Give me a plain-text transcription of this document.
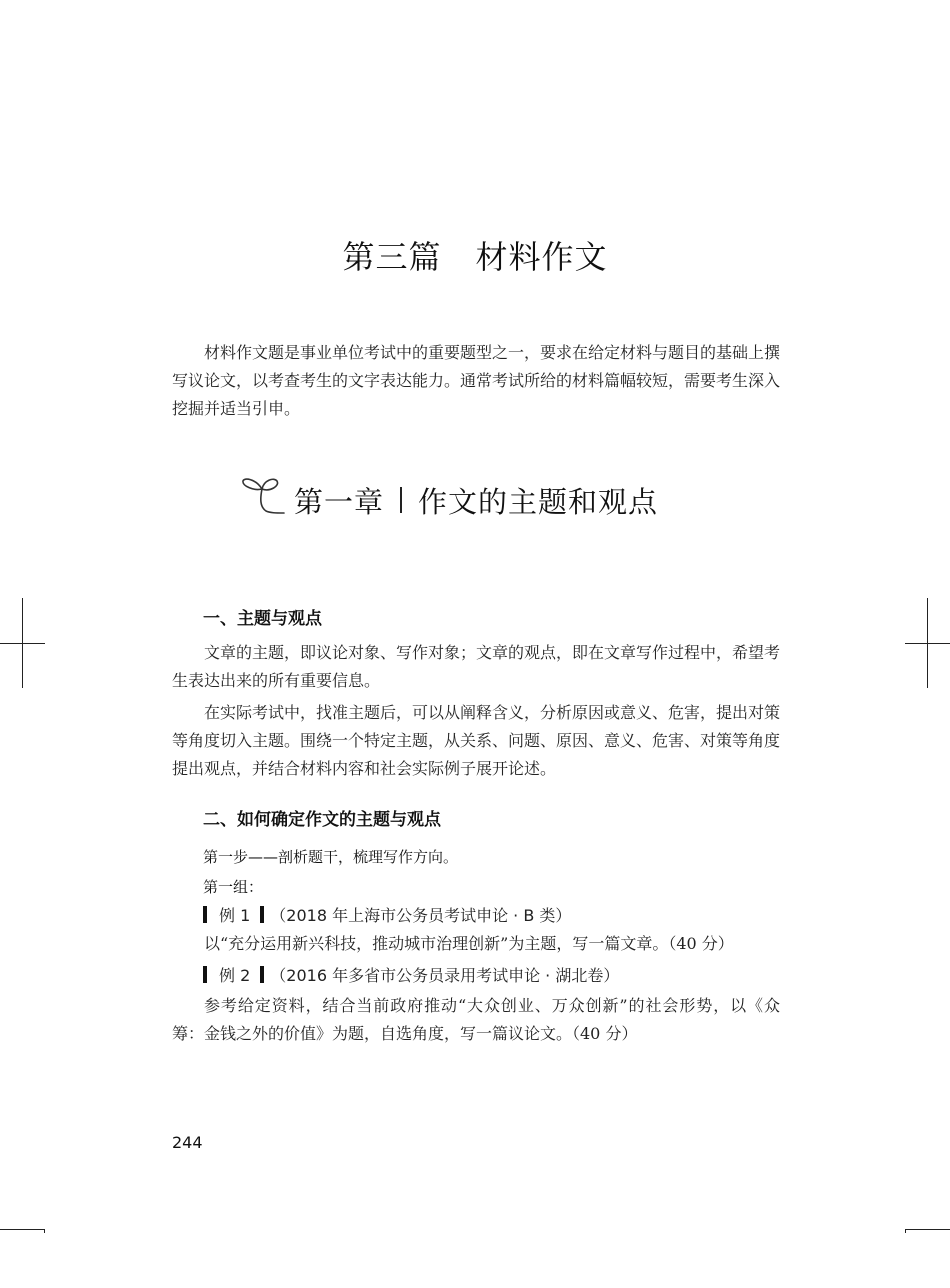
第三篇 材料作文
材料作文题是事业单位考试中的重要题型之一，要求在给定材料与题目的基础上撰写议论文，以考查考生的文字表达能力。通常考试所给的材料篇幅较短，需要考生深入挖掘并适当引申。
第一章 作文的主题和观点
一、主题与观点
文章的主题，即议论对象、写作对象；文章的观点，即在文章写作过程中，希望考生表达出来的所有重要信息。
在实际考试中，找准主题后，可以从阐释含义，分析原因或意义、危害，提出对策等角度切入主题。围绕一个特定主题，从关系、问题、原因、意义、危害、对策等角度提出观点，并结合材料内容和社会实际例子展开论述。
二、如何确定作文的主题与观点
第一步——剖析题干，梳理写作方向。
第一组：
例 1 （2018 年上海市公务员考试申论 · B 类）
以“充分运用新兴科技，推动城市治理创新”为主题，写一篇文章。（40 分）
例 2 （2016 年多省市公务员录用考试申论 · 湖北卷）
参考给定资料，结合当前政府推动“大众创业、万众创新”的社会形势，以《众筹：金钱之外的价值》为题，自选角度，写一篇议论文。（40 分）
244
